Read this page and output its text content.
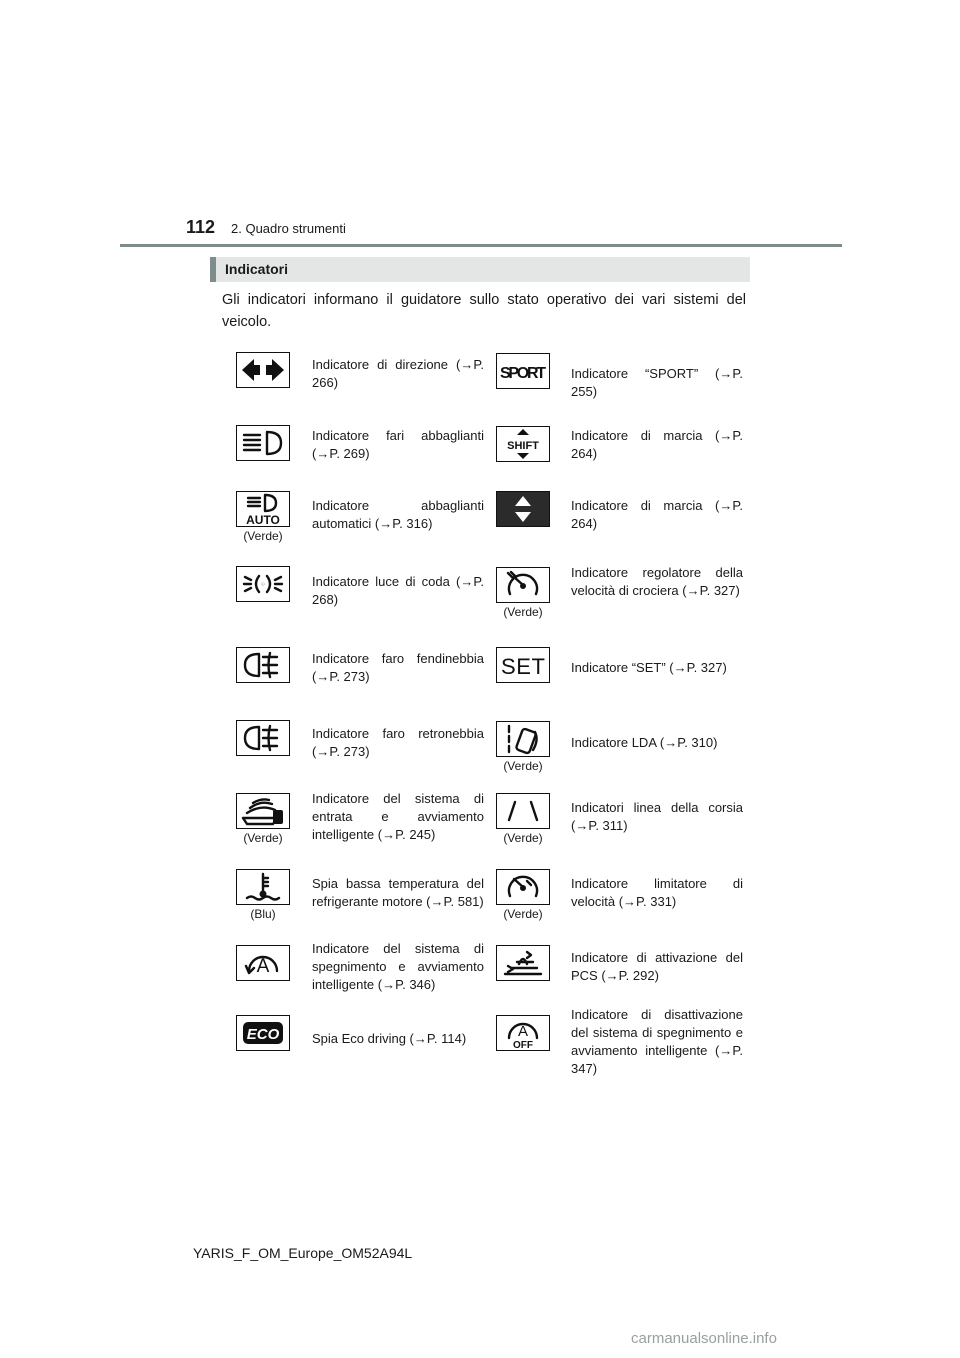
112 2. Quadro strumenti
Indicatori
Gli indicatori informano il guidatore sullo stato operativo dei vari sistemi del veicolo.
Indicatore di direzione (→P. 266)
Indicatore fari abbaglianti (→P. 269)
AUTO
(Verde)
Indicatore abbaglianti automatici (→P. 316)
Indicatore luce di coda (→P. 268)
Indicatore faro fendinebbia (→P. 273)
Indicatore faro retronebbia (→P. 273)
(Verde)
Indicatore del sistema di entrata e avviamento intelligente (→P. 245)
(Blu)
Spia bassa temperatura del refrigerante motore (→P. 581)
A
Indicatore del sistema di spegnimento e avviamento intelligente (→P. 346)
ECO	Spia Eco driving (→P. 114)
SPORT Indicatore “SPORT” (→P. 255)
SHIFT
Indicatore di marcia (→P. 264)
Indicatore di marcia (→P. 264)
(Verde)
Indicatore regolatore della velocità di crociera (→P. 327)
SET Indicatore “SET” (→P. 327)
(Verde)
Indicatore LDA (→P. 310)
(Verde)
Indicatori linea della corsia (→P. 311)
(Verde)
Indicatore limitatore di velocità (→P. 331)
Indicatore di attivazione del PCS (→P. 292)
A
OFF
Indicatore di disattivazione del sistema di spegnimento e avviamento intelligente (→P. 347)
YARIS_F_OM_Europe_OM52A94L
carmanualsonline.info
